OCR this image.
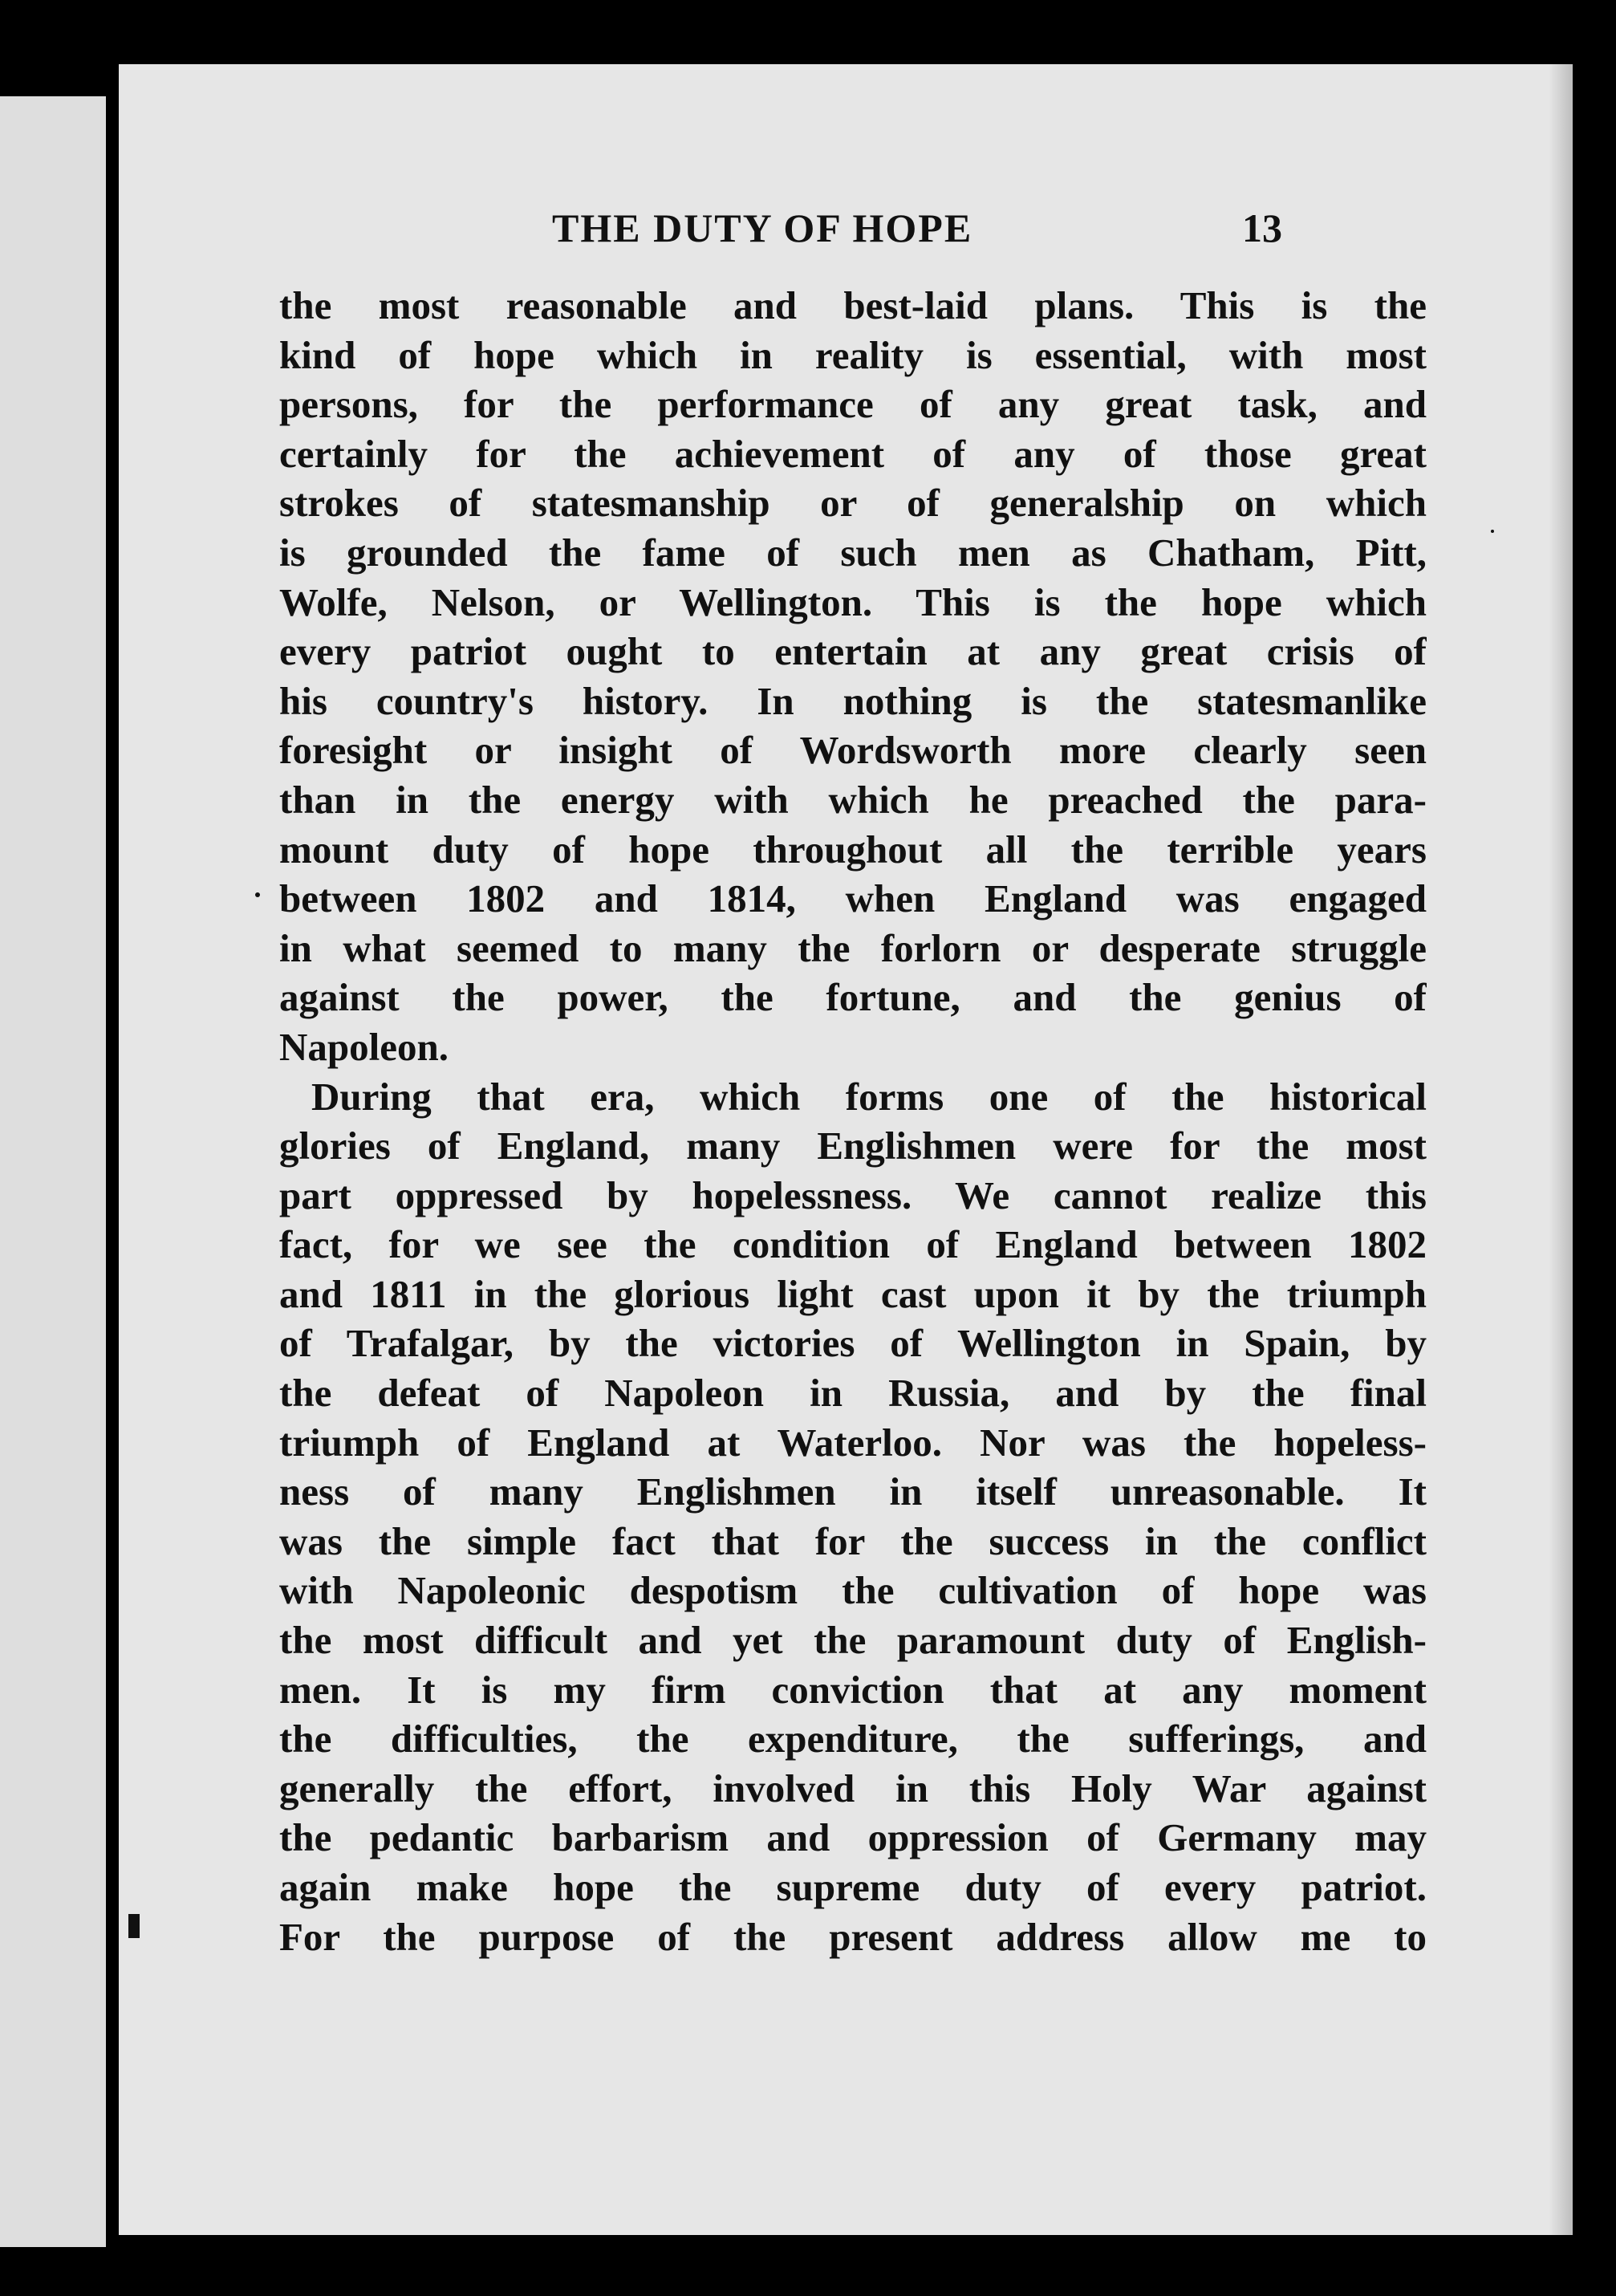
THE DUTY OF HOPE	13
the most reasonable and best-laid plans. This is the
kind of hope which in reality is essential, with most
persons, for the performance of any great task, and
certainly for the achievement of any of those great
strokes of statesmanship or of generalship on which
is grounded the fame of such men as Chatham, Pitt,
Wolfe, Nelson, or Wellington. This is the hope which
every patriot ought to entertain at any great crisis of
his country's history. In nothing is the statesmanlike
foresight or insight of Wordsworth more clearly seen
than in the energy with which he preached the para-
mount duty of hope throughout all the terrible years
between 1802 and 1814, when England was engaged
in what seemed to many the forlorn or desperate struggle
against the power, the fortune, and the genius of
Napoleon.
During that era, which forms one of the historical
glories of England, many Englishmen were for the most
part oppressed by hopelessness. We cannot realize this
fact, for we see the condition of England between 1802
and 1811 in the glorious light cast upon it by the triumph
of Trafalgar, by the victories of Wellington in Spain, by
the defeat of Napoleon in Russia, and by the final
triumph of England at Waterloo. Nor was the hopeless-
ness of many Englishmen in itself unreasonable. It
was the simple fact that for the success in the conflict
with Napoleonic despotism the cultivation of hope was
the most difficult and yet the paramount duty of English-
men. It is my firm conviction that at any moment
the difficulties, the expenditure, the sufferings, and
generally the effort, involved in this Holy War against
the pedantic barbarism and oppression of Germany may
again make hope the supreme duty of every patriot.
For the purpose of the present address allow me to
